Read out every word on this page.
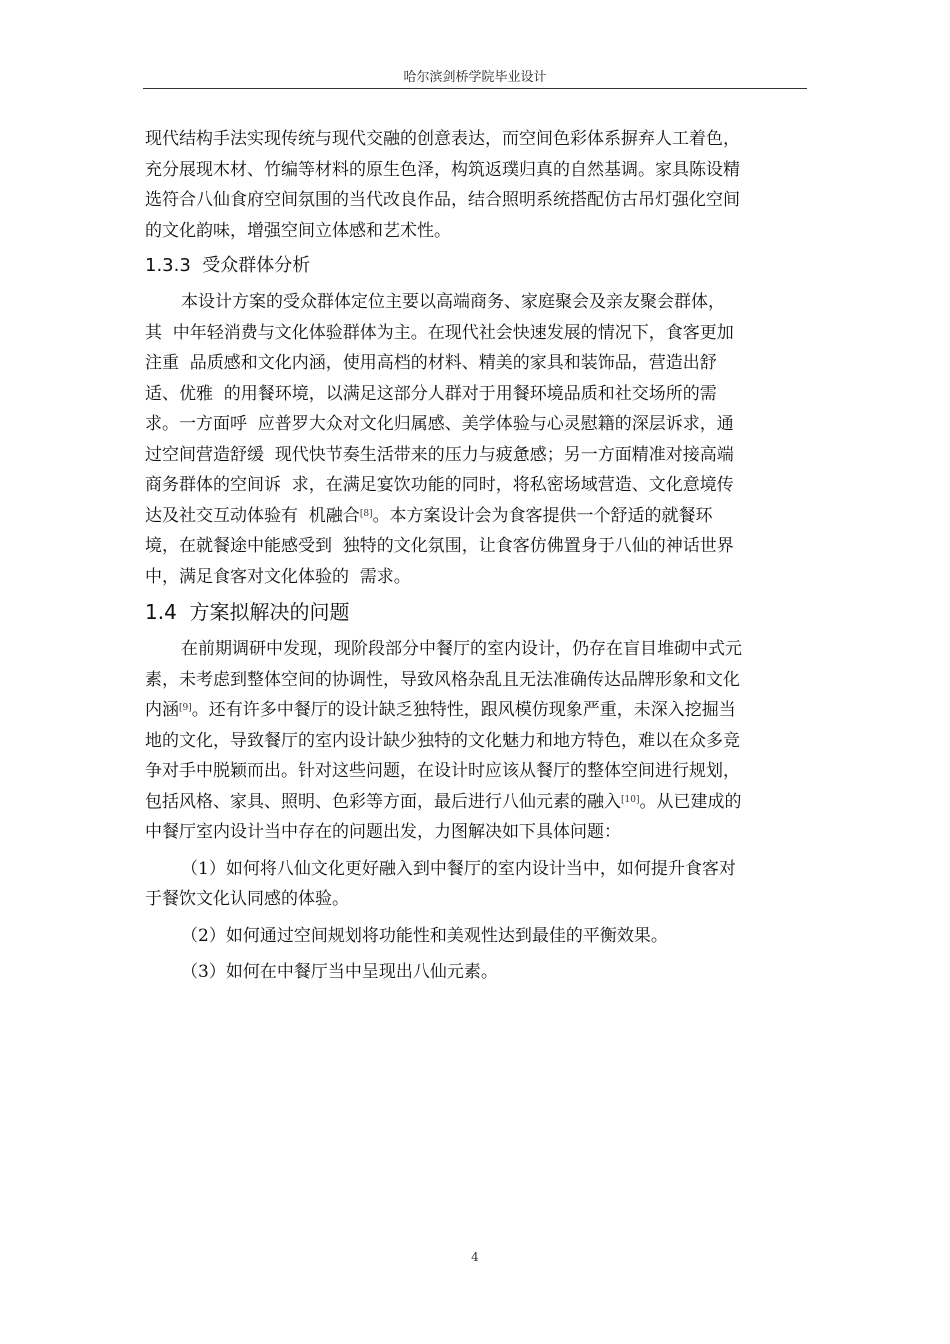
哈尔滨剑桥学院毕业设计
现代结构手法实现传统与现代交融的创意表达，而空间色彩体系摒弃人工着色，
充分展现木材、竹编等材料的原生色泽，构筑返璞归真的自然基调。家具陈设精
选符合八仙食府空间氛围的当代改良作品，结合照明系统搭配仿古吊灯强化空间
的文化韵味，增强空间立体感和艺术性。
1.3.3  受众群体分析
本设计方案的受众群体定位主要以高端商务、家庭聚会及亲友聚会群体，
其  中年轻消费与文化体验群体为主。在现代社会快速发展的情况下，食客更加
注重  品质感和文化内涵，使用高档的材料、精美的家具和装饰品，营造出舒
适、优雅  的用餐环境，以满足这部分人群对于用餐环境品质和社交场所的需
求。一方面呼  应普罗大众对文化归属感、美学体验与心灵慰籍的深层诉求，通
过空间营造舒缓  现代快节奏生活带来的压力与疲惫感；另一方面精准对接高端
商务群体的空间诉  求，在满足宴饮功能的同时，将私密场域营造、文化意境传
达及社交互动体验有  机融合[8]。本方案设计会为食客提供一个舒适的就餐环
境，在就餐途中能感受到  独特的文化氛围，让食客仿佛置身于八仙的神话世界
中，满足食客对文化体验的  需求。
1.4  方案拟解决的问题
在前期调研中发现，现阶段部分中餐厅的室内设计，仍存在盲目堆砌中式元
素，未考虑到整体空间的协调性，导致风格杂乱且无法准确传达品牌形象和文化
内涵[9]。还有许多中餐厅的设计缺乏独特性，跟风模仿现象严重，未深入挖掘当
地的文化，导致餐厅的室内设计缺少独特的文化魅力和地方特色，难以在众多竞
争对手中脱颖而出。针对这些问题，在设计时应该从餐厅的整体空间进行规划，
包括风格、家具、照明、色彩等方面，最后进行八仙元素的融入[10]。从已建成的
中餐厅室内设计当中存在的问题出发，力图解决如下具体问题：
（1）如何将八仙文化更好融入到中餐厅的室内设计当中，如何提升食客对
于餐饮文化认同感的体验。
（2）如何通过空间规划将功能性和美观性达到最佳的平衡效果。
（3）如何在中餐厅当中呈现出八仙元素。
4
